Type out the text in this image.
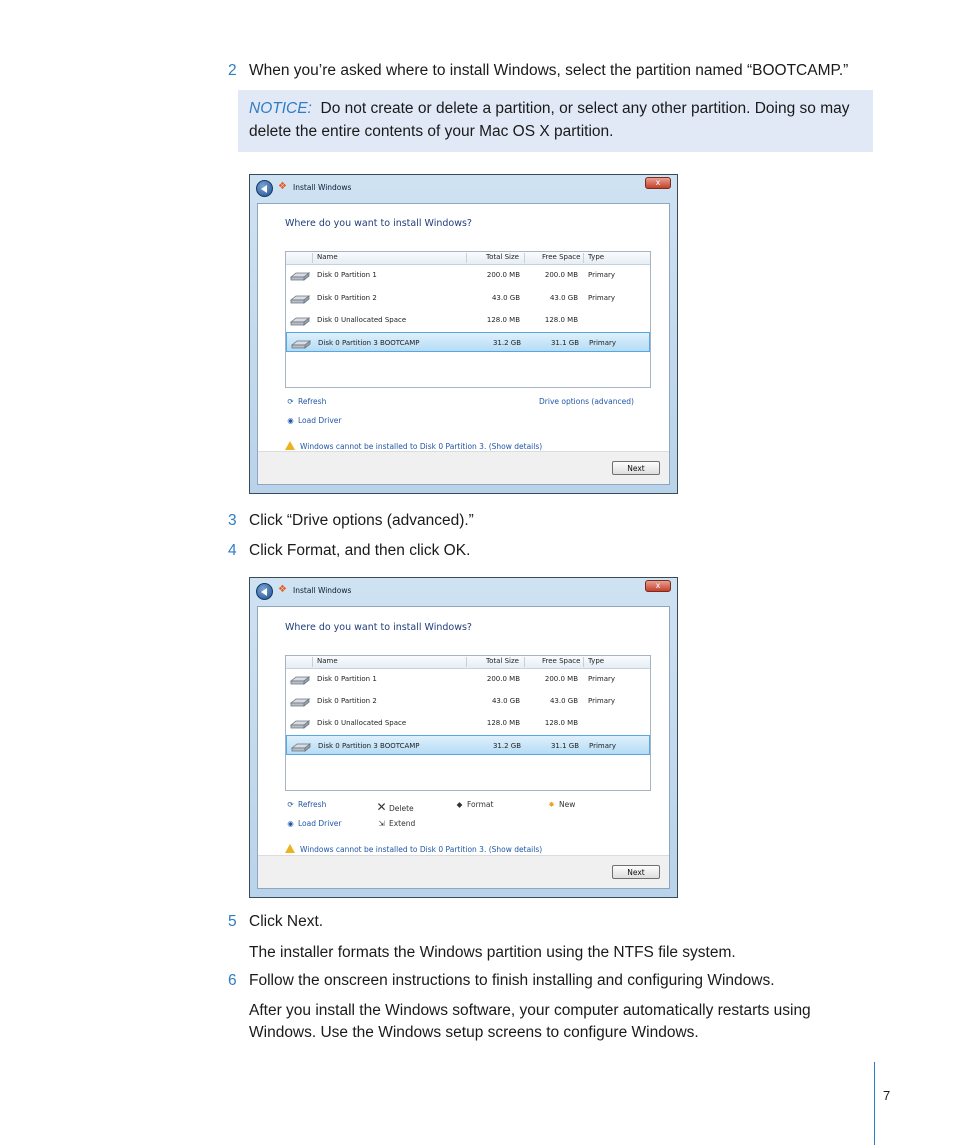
2 When you’re asked where to install Windows, select the partition named “BOOTCAMP.”

NOTICE: Do not create or delete a partition, or select any other partition. Doing so may delete the entire contents of your Mac OS X partition.

❖ Install Windows
x
Where do you want to install Windows?
Name	Total Size	Free Space Type
Disk 0 Partition 1	200.0 MB	200.0 MB Primary
Disk 0 Partition 2	43.0 GB	43.0 GB Primary
Disk 0 Unallocated Space	128.0 MB	128.0 MB
Disk 0 Partition 3 BOOTCAMP	31.2 GB	31.1 GB Primary
⟳ Refresh
◉ Load Driver
Drive options (advanced)
Windows cannot be installed to Disk 0 Partition 3. (Show details)
Next
3 Click “Drive options (advanced).”
4 Click Format, and then click OK.
❖ Install Windows
x
Where do you want to install Windows?
Name	Total Size	Free Space Type
Disk 0 Partition 1	200.0 MB	200.0 MB Primary
Disk 0 Partition 2	43.0 GB	43.0 GB Primary
Disk 0 Unallocated Space	128.0 MB	128.0 MB
Disk 0 Partition 3 BOOTCAMP	31.2 GB	31.1 GB Primary
⟳ Refresh
◉ Load Driver
✕ Delete
⇲ Extend
◆ Format	✸ New
Windows cannot be installed to Disk 0 Partition 3. (Show details)
Next
5 Click Next.
The installer formats the Windows partition using the NTFS file system.
6 Follow the onscreen instructions to finish installing and configuring Windows.
After you install the Windows software, your computer automatically restarts using Windows. Use the Windows setup screens to configure Windows.
7
